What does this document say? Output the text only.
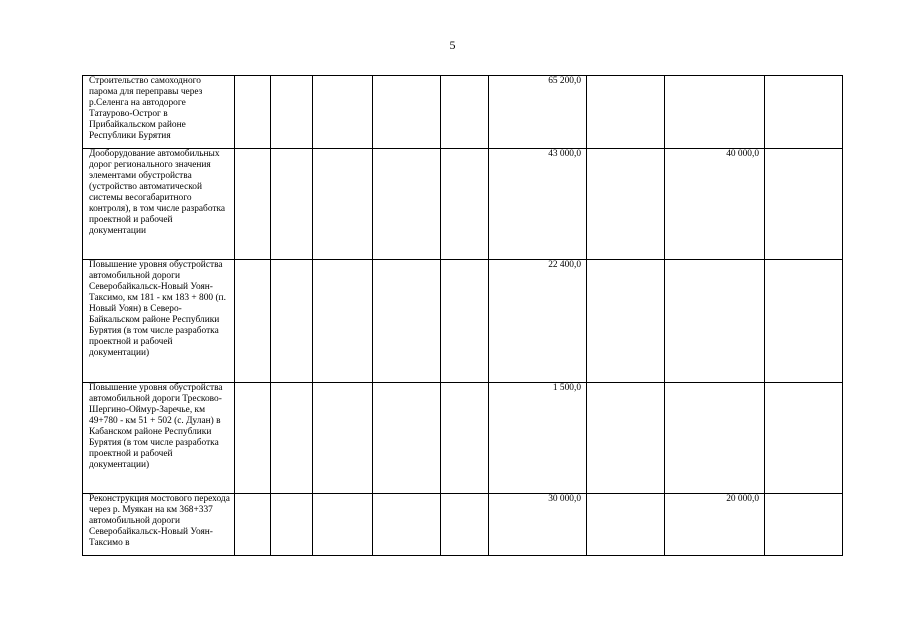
5
Строительство самоходного парома для переправы через р.Селенга на автодороге Татаурово-Острог в Прибайкальском районе Республики Бурятия						65 200,0			
Дооборудование автомобильных дорог регионального значения элементами обустройства (устройство автоматической системы весогабаритного контроля), в том числе разработка проектной и рабочей документации						43 000,0		40 000,0	
Повышение уровня обустройства автомобильной дороги Северобайкальск-Новый Уоян-Таксимо, км 181 - км 183 + 800 (п. Новый Уоян) в Северо-Байкальском районе Республики Бурятия (в том числе разработка проектной и рабочей документации)						22 400,0			
Повышение уровня обустройства автомобильной дороги Тресково-Шергино-Оймур-Заречье, км 49+780 - км 51 + 502 (с. Дулан) в Кабанском районе Республики Бурятия (в том числе разработка проектной и рабочей документации)						1 500,0			
Реконструкция мостового перехода через р. Муякан на км 368+337 автомобильной дороги Северобайкальск-Новый Уоян-Таксимо в						30 000,0		20 000,0	
